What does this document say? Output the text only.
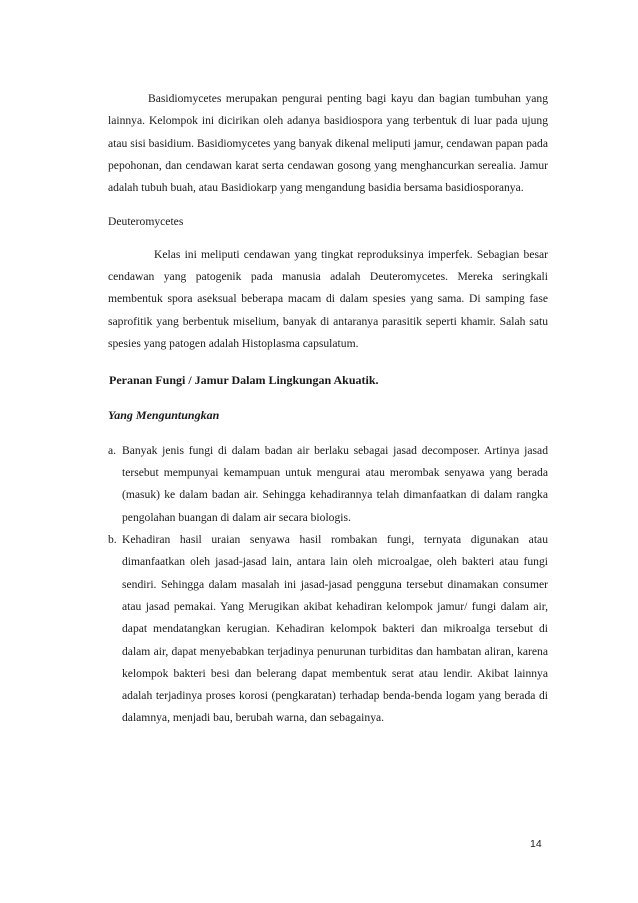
Basidiomycetes merupakan pengurai penting bagi kayu dan bagian tumbuhan yang lainnya. Kelompok ini dicirikan oleh adanya basidiospora yang terbentuk di luar pada ujung atau sisi basidium. Basidiomycetes yang banyak dikenal meliputi jamur, cendawan papan pada pepohonan, dan cendawan karat serta cendawan gosong yang menghancurkan serealia. Jamur adalah tubuh buah, atau Basidiokarp yang mengandung basidia bersama basidiosporanya.

Deuteromycetes

Kelas ini meliputi cendawan yang tingkat reproduksinya imperfek. Sebagian besar cendawan yang patogenik pada manusia adalah Deuteromycetes. Mereka seringkali membentuk spora aseksual beberapa macam di dalam spesies yang sama. Di samping fase saprofitik yang berbentuk miselium, banyak di antaranya parasitik seperti khamir. Salah satu spesies yang patogen adalah Histoplasma capsulatum.

Peranan Fungi / Jamur Dalam Lingkungan Akuatik.

Yang Menguntungkan

a. Banyak jenis fungi di dalam badan air berlaku sebagai jasad decomposer. Artinya jasad tersebut mempunyai kemampuan untuk mengurai atau merombak senyawa yang berada (masuk) ke dalam badan air. Sehingga kehadirannya telah dimanfaatkan di dalam rangka pengolahan buangan di dalam air secara biologis.
b. Kehadiran hasil uraian senyawa hasil rombakan fungi, ternyata digunakan atau dimanfaatkan oleh jasad-jasad lain, antara lain oleh microalgae, oleh bakteri atau fungi sendiri. Sehingga dalam masalah ini jasad-jasad pengguna tersebut dinamakan consumer atau jasad pemakai. Yang Merugikan akibat kehadiran kelompok jamur/ fungi dalam air, dapat mendatangkan kerugian. Kehadiran kelompok bakteri dan mikroalga tersebut di dalam air, dapat menyebabkan terjadinya penurunan turbiditas dan hambatan aliran, karena kelompok bakteri besi dan belerang dapat membentuk serat atau lendir. Akibat lainnya adalah terjadinya proses korosi (pengkaratan) terhadap benda-benda logam yang berada di dalamnya, menjadi bau, berubah warna, dan sebagainya.
14
